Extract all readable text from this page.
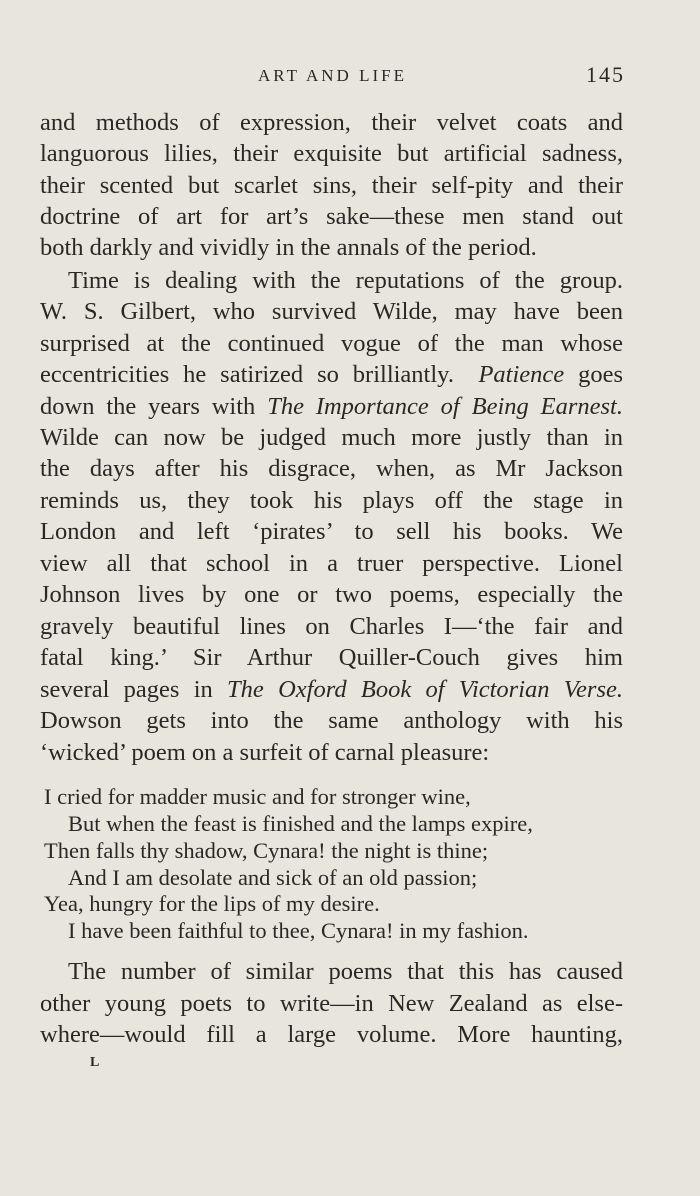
ART AND LIFE	145
and methods of expression, their velvet coats and
languorous lilies, their exquisite but artificial sadness,
their scented but scarlet sins, their self-pity and their
doctrine of art for art’s sake—these men stand out
both darkly and vividly in the annals of the period.
Time is dealing with the reputations of the group.
W. S. Gilbert, who survived Wilde, may have been
surprised at the continued vogue of the man whose
eccentricities he satirized so brilliantly.  Patience goes
down the years with The Importance of Being Earnest.
Wilde can now be judged much more justly than in
the days after his disgrace, when, as Mr Jackson
reminds us, they took his plays off the stage in
London and left ‘pirates’ to sell his books. We
view all that school in a truer perspective. Lionel
Johnson lives by one or two poems, especially the
gravely beautiful lines on Charles I—‘the fair and
fatal king.’ Sir Arthur Quiller-Couch gives him
several pages in The Oxford Book of Victorian Verse.
Dowson gets into the same anthology with his
‘wicked’ poem on a surfeit of carnal pleasure:
I cried for madder music and for stronger wine,
But when the feast is finished and the lamps expire,
Then falls thy shadow, Cynara! the night is thine;
And I am desolate and sick of an old passion;
Yea, hungry for the lips of my desire.
I have been faithful to thee, Cynara! in my fashion.
The number of similar poems that this has caused
other young poets to write—in New Zealand as else-
where—would fill a large volume. More haunting,
L
